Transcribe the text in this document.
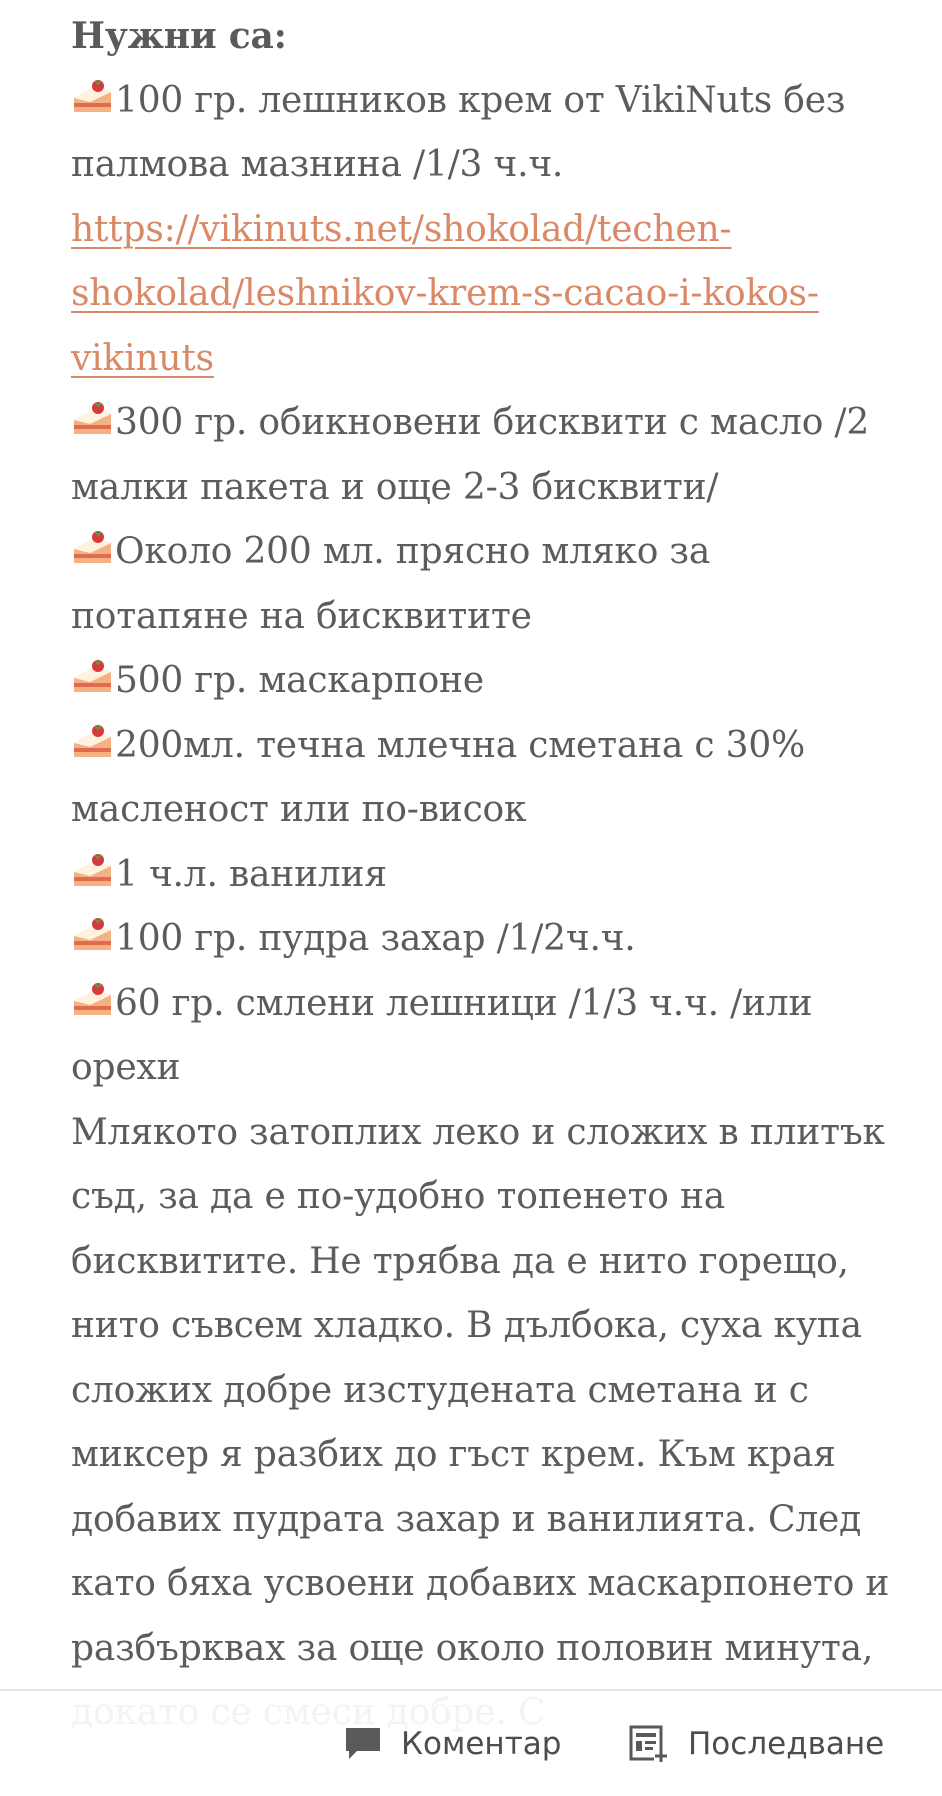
Нужни са:

100 гр. лешников крем от VikiNuts без палмова мазнина /1/3 ч.ч.

https://vikinuts.net/shokolad/techen-shokolad/leshnikov-krem-s-cacao-i-kokos-vikinuts

300 гр. обикновени бисквити с масло /2 малки пакета и още 2-3 бисквити/

Около 200 мл. прясно мляко за потапяне на бисквитите

500 гр. маскарпоне

200мл. течна млечна сметана с 30% масленост или по-висок

1 ч.л. ванилия

100 гр. пудра захар /1/2ч.ч.

60 гр. смлени лешници /1/3 ч.ч. /или орехи

Млякото затоплих леко и сложих в плитък съд, за да е по-удобно топенето на бисквитите. Не трябва да е нито горещо, нито съвсем хладко. В дълбока, суха купа сложих добре изстудената сметана и с миксер я разбих до гъст крем. Към края добавих пудрата захар и ванилията. След като бяха усвоени добавих маскарпонето и разбърквах за още около половин минута,

Коментар	Последване
